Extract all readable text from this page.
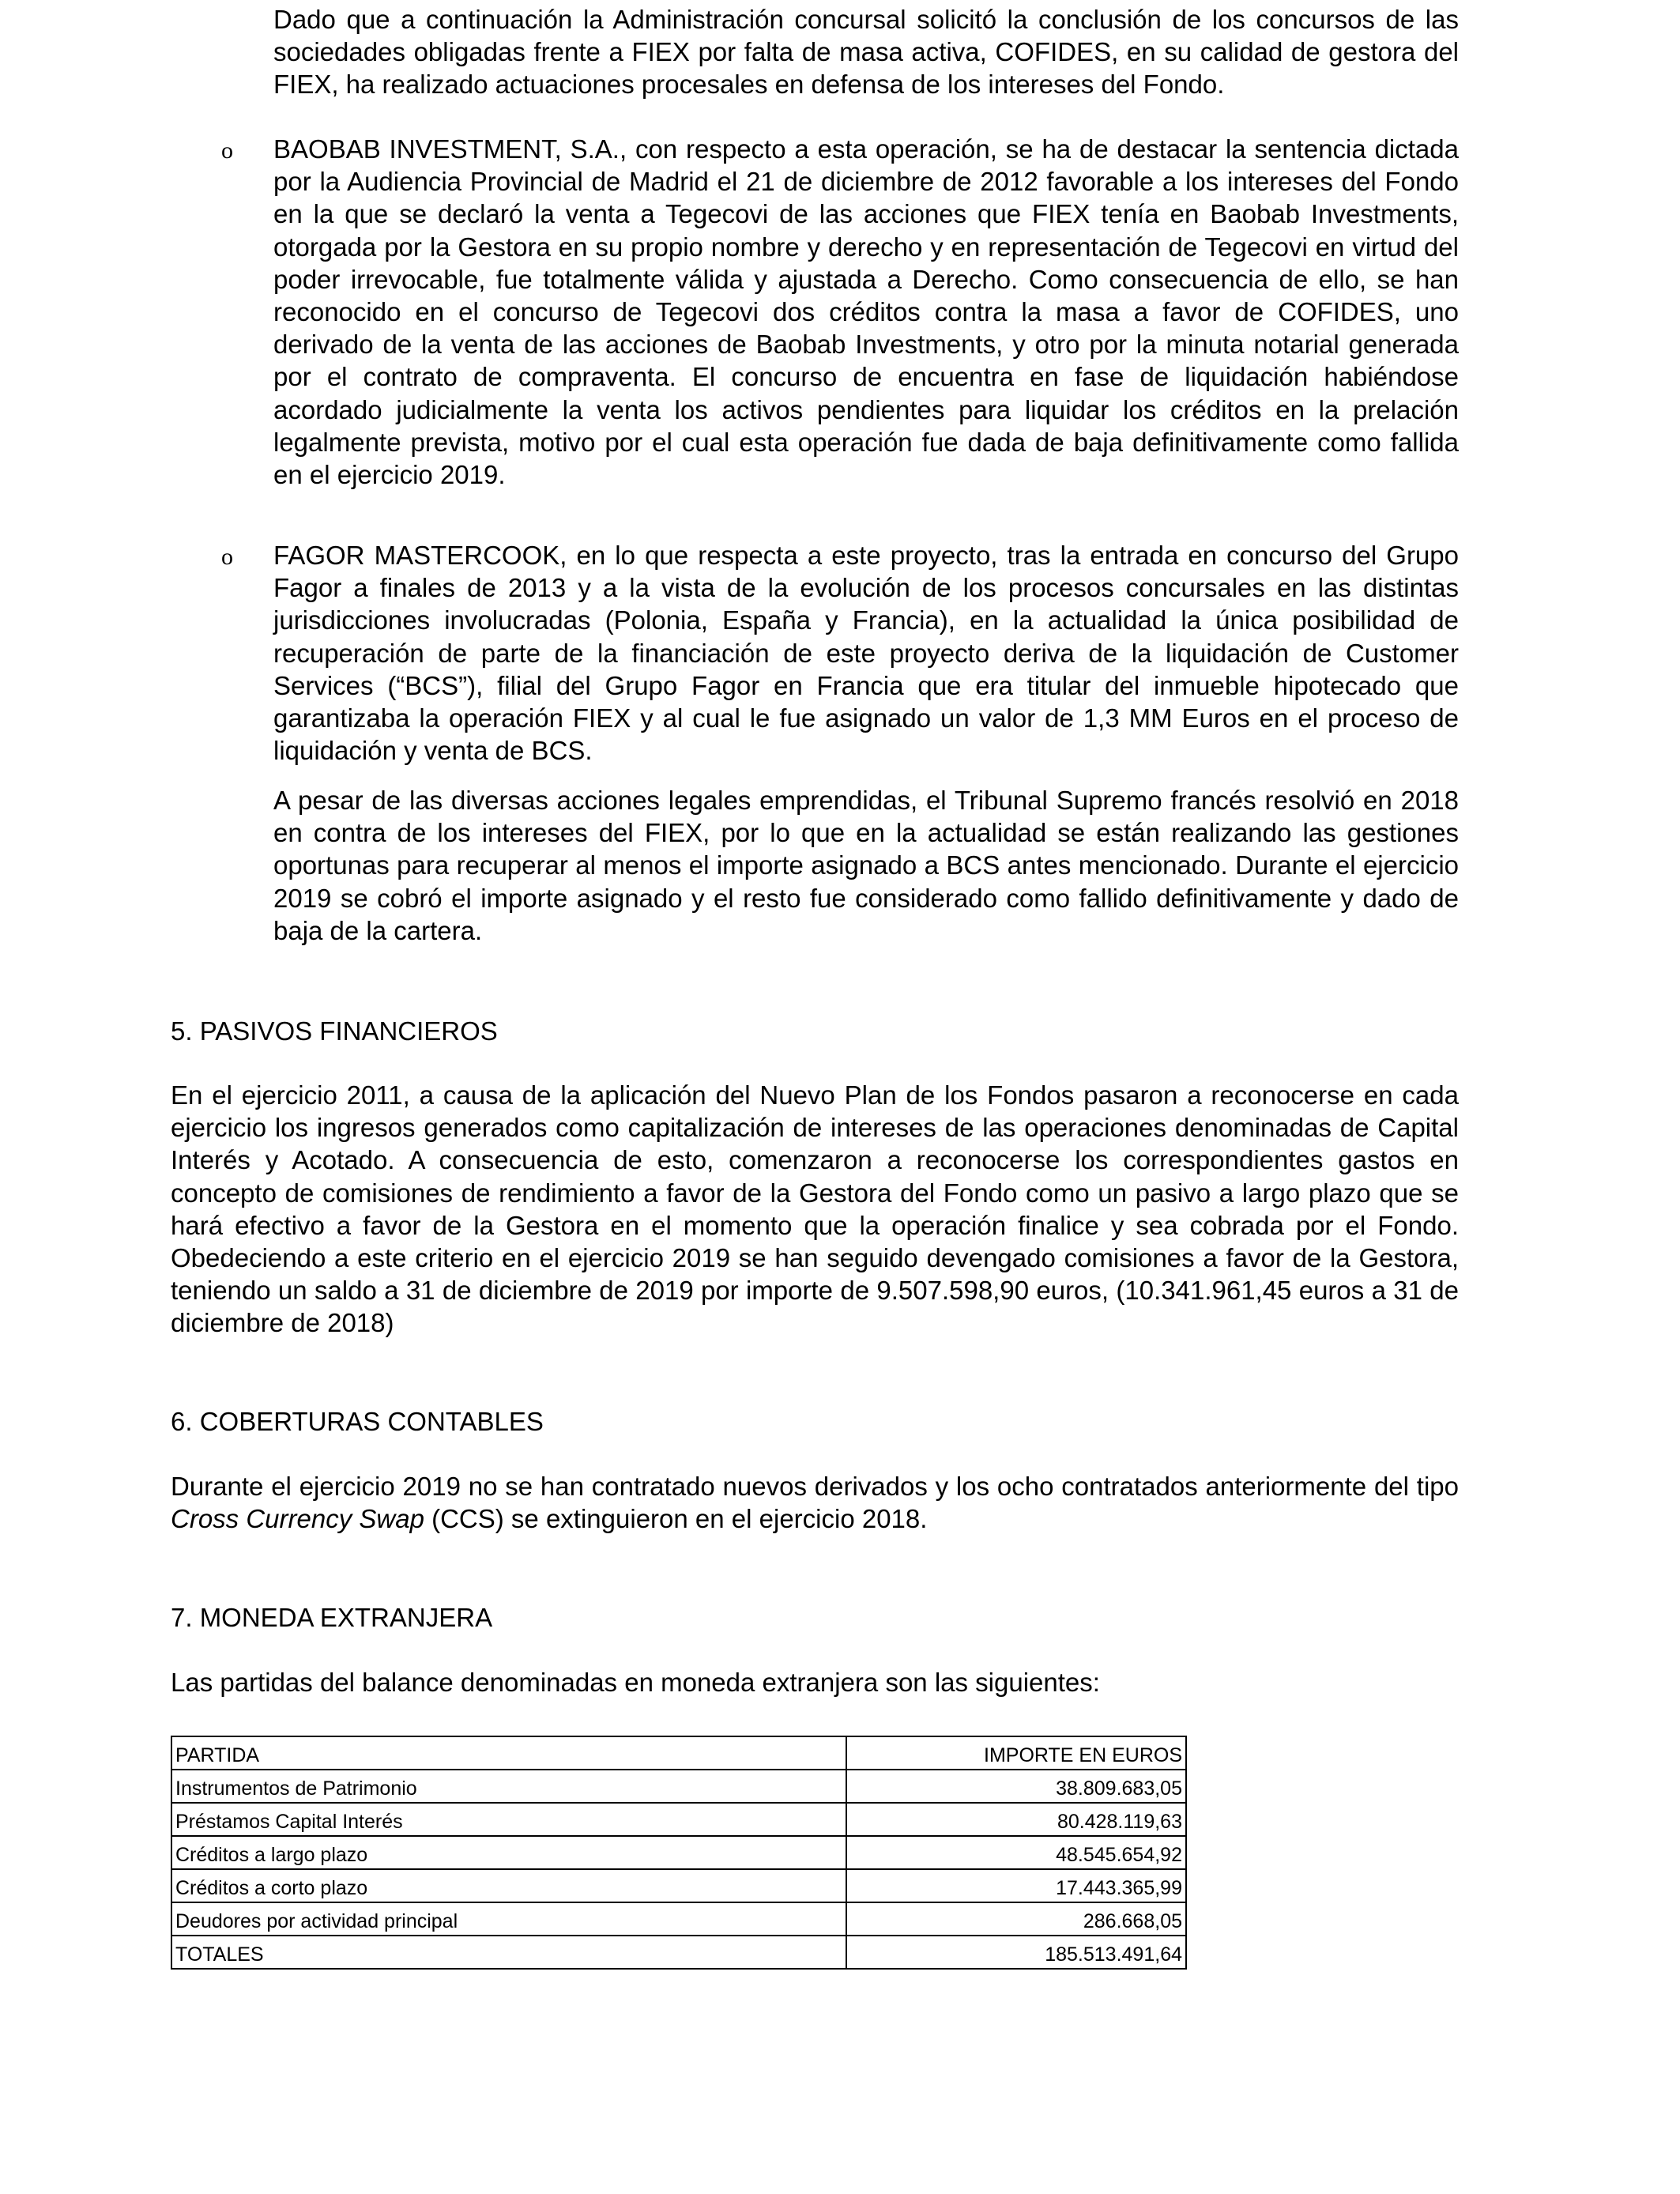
Dado que a continuación la Administración concursal solicitó la conclusión de los concursos de las sociedades obligadas frente a FIEX por falta de masa activa, COFIDES, en su calidad de gestora del FIEX, ha realizado actuaciones procesales en defensa de los intereses del Fondo.

o BAOBAB INVESTMENT, S.A., con respecto a esta operación, se ha de destacar la sentencia dictada por la Audiencia Provincial de Madrid el 21 de diciembre de 2012 favorable a los intereses del Fondo en la que se declaró la venta a Tegecovi de las acciones que FIEX tenía en Baobab Investments, otorgada por la Gestora en su propio nombre y derecho y en representación de Tegecovi en virtud del poder irrevocable, fue totalmente válida y ajustada a Derecho. Como consecuencia de ello, se han reconocido en el concurso de Tegecovi dos créditos contra la masa a favor de COFIDES, uno derivado de la venta de las acciones de Baobab Investments, y otro por la minuta notarial generada por el contrato de compraventa. El concurso de encuentra en fase de liquidación habiéndose acordado judicialmente la venta los activos pendientes para liquidar los créditos en la prelación legalmente prevista, motivo por el cual esta operación fue dada de baja definitivamente como fallida en el ejercicio 2019.

o FAGOR MASTERCOOK, en lo que respecta a este proyecto, tras la entrada en concurso del Grupo Fagor a finales de 2013 y a la vista de la evolución de los procesos concursales en las distintas jurisdicciones involucradas (Polonia, España y Francia), en la actualidad la única posibilidad de recuperación de parte de la financiación de este proyecto deriva de la liquidación de Customer Services (“BCS”), filial del Grupo Fagor en Francia que era titular del inmueble hipotecado que garantizaba la operación FIEX y al cual le fue asignado un valor de 1,3 MM Euros en el proceso de liquidación y venta de BCS.

A pesar de las diversas acciones legales emprendidas, el Tribunal Supremo francés resolvió en 2018 en contra de los intereses del FIEX, por lo que en la actualidad se están realizando las gestiones oportunas para recuperar al menos el importe asignado a BCS antes mencionado. Durante el ejercicio 2019 se cobró el importe asignado y el resto fue considerado como fallido definitivamente y dado de baja de la cartera.

5. PASIVOS FINANCIEROS

En el ejercicio 2011, a causa de la aplicación del Nuevo Plan de los Fondos pasaron a reconocerse en cada ejercicio los ingresos generados como capitalización de intereses de las operaciones denominadas de Capital Interés y Acotado. A consecuencia de esto, comenzaron a reconocerse los correspondientes gastos en concepto de comisiones de rendimiento a favor de la Gestora del Fondo como un pasivo a largo plazo que se hará efectivo a favor de la Gestora en el momento que la operación finalice y sea cobrada por el Fondo. Obedeciendo a este criterio en el ejercicio 2019 se han seguido devengado comisiones a favor de la Gestora, teniendo un saldo a 31 de diciembre de 2019 por importe de 9.507.598,90 euros, (10.341.961,45 euros a 31 de diciembre de 2018)

6. COBERTURAS CONTABLES

Durante el ejercicio 2019 no se han contratado nuevos derivados y los ocho contratados anteriormente del tipo Cross Currency Swap (CCS) se extinguieron en el ejercicio 2018.

7. MONEDA EXTRANJERA

Las partidas del balance denominadas en moneda extranjera son las siguientes:

PARTIDA	IMPORTE EN EUROS
Instrumentos de Patrimonio	38.809.683,05
Préstamos Capital Interés	80.428.119,63
Créditos a largo plazo	48.545.654,92
Créditos a corto plazo	17.443.365,99
Deudores por actividad principal	286.668,05
TOTALES	185.513.491,64
